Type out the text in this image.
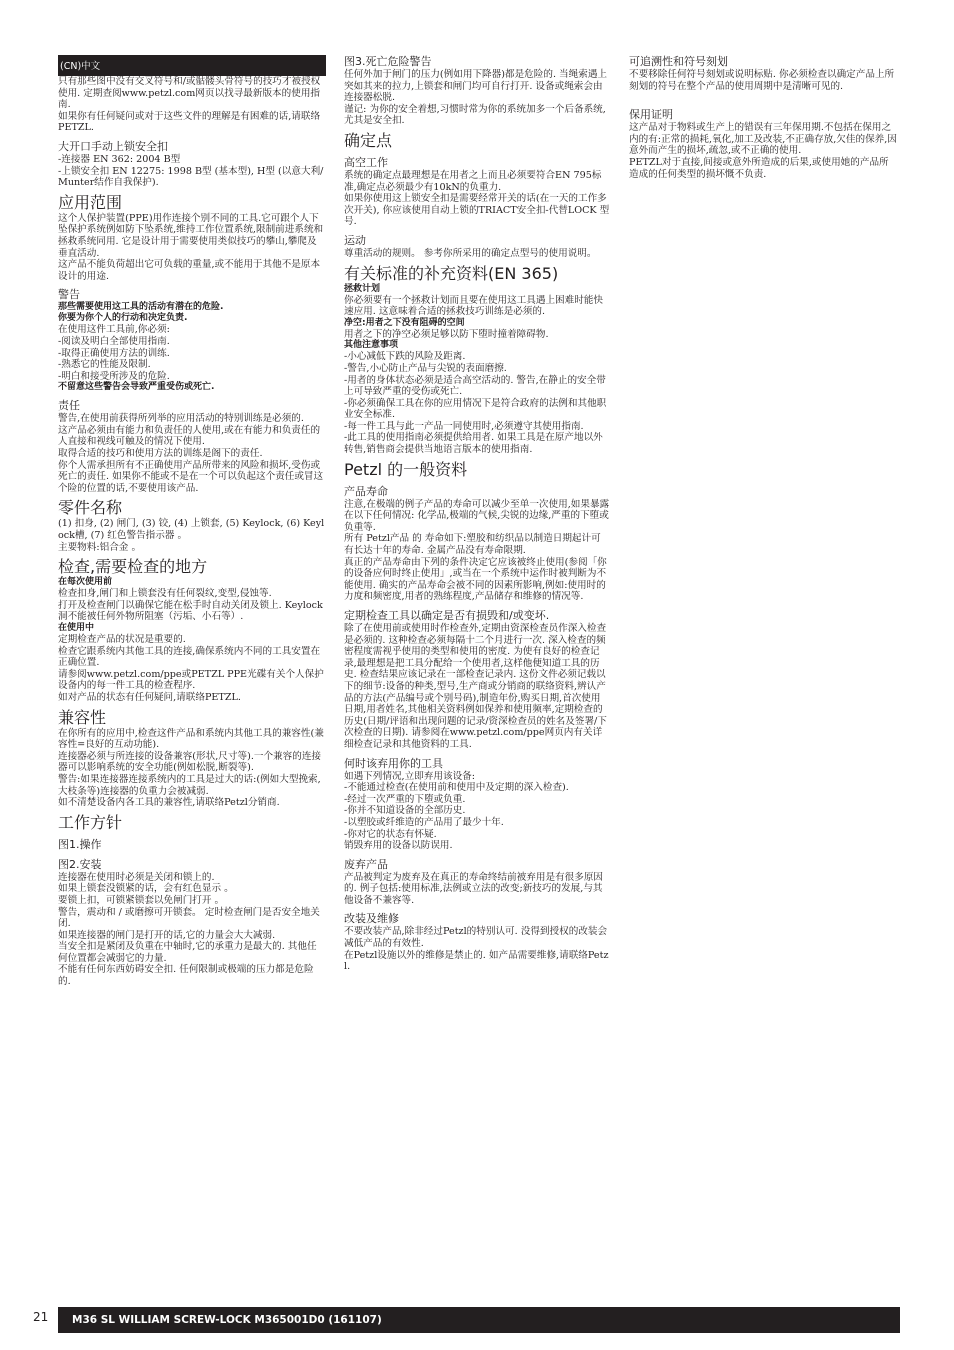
(CN)中文

只有那些图中没有交叉符号和/或骷髅头骨符号的技巧才被授权使用. 定期查阅www.petzl.com网页以找寻最新版本的使用指南.
如果你有任何疑问或对于这些文件的理解是有困难的话,请联络PETZL.

大开口手动上锁安全扣

-连接器 EN 362: 2004 B型
-上锁安全扣 EN 12275: 1998 B型 (基本型), H型 (以意大利/Munter结作自我保护).

应用范围

这个人保护装置(PPE)用作连接个别不同的工具.它可跟个人下坠保护系统例如防下坠系统,维持工作位置系统,限制前进系统和拯救系统同用. 它是设计用于需要使用类似技巧的攀山,攀爬及垂直活动.
这产品不能负荷超出它可负载的重量,或不能用于其他不是原本设计的用途.

警告

那些需要使用这工具的活动有潜在的危险.
你要为你个人的行动和决定负责.

在使用这件工具前,你必须:
-阅读及明白全部使用指南.
-取得正确使用方法的训练.
-熟悉它的性能及限制.
-明白和接受所涉及的危险.

不留意这些警告会导致严重受伤或死亡.

责任

警告,在使用前获得所列举的应用活动的特别训练是必须的.
这产品必须由有能力和负责任的人使用,或在有能力和负责任的人直接和视线可触及的情况下使用.
取得合适的技巧和使用方法的训练是阁下的责任.
你个人需承担所有不正确使用产品所带来的风险和损坏,受伤或死亡的责任. 如果你不能或不是在一个可以负起这个责任或冒这个险的位置的话,不要使用该产品.

零件名称

(1) 扣身, (2) 闸门, (3) 铰, (4) 上锁套, (5) Keylock, (6) Keylock槽, (7) 红色警告指示器 。
主要物料:铝合金 。

检查,需要检查的地方

在每次使用前

检查扣身,闸门和上锁套没有任何裂纹,变型,侵蚀等.
打开及检查闸门以确保它能在松手时自动关闭及锁上. Keylock洞不能被任何外物所阻塞（污垢、小石等）.

在使用中

定期检查产品的状况是重要的.
检查它跟系统内其他工具的连接,确保系统内不同的工具安置在正确位置.
请参阅www.petzl.com/ppe或PETZL PPE光碟有关个人保护设备内的每一件工具的检查程序.
如对产品的状态有任何疑问,请联络PETZL.

兼容性

在你所有的应用中,检查这件产品和系统内其他工具的兼容性(兼容性=良好的互动功能).
连接器必须与所连接的设备兼容(形状,尺寸等).一个兼容的连接器可以影响系统的安全功能(例如松脱,断裂等).
警告:如果连接器连接系统内的工具是过大的话:(例如大型挽索,大枝条等)连接器的负重力会被减弱.
如不清楚设备内各工具的兼容性,请联络Petzl分销商.

工作方针
图1.操作
图2.安装

连接器在使用时必须是关闭和锁上的.
如果上锁套没锁紧的话，会有红色显示 。
要锁上扣，可锁紧锁套以免闸门打开 。
警告，震动和 / 或磨擦可开锁套。 定时检查闸门是否安全地关闭.
如果连接器的闸门是打开的话,它的力量会大大减弱.
当安全扣是紧闭及负重在中轴时,它的承重力是最大的. 其他任何位置都会减弱它的力量.
不能有任何东西妨碍安全扣. 任何限制或极端的压力都是危险的.

图3.死亡危险警告

任何外加于闸门的压力(例如用下降器)都是危险的. 当绳索遇上突如其来的拉力,上锁套和闸门均可自行打开. 设备或绳索会由连接器松脱.
谨记: 为你的安全着想,习惯时常为你的系统加多一个后备系统,尤其是安全扣.

确定点
高空工作

系统的确定点最理想是在用者之上而且必须要符合EN 795标准,确定点必须最少有10kN的负重力.
如果你使用这上锁安全扣是需要经常开关的话(在一天的工作多次开关), 你应该使用自动上锁的TRIACT安全扣-代替LOCK 型号.

运动

尊重活动的规则。 参考你所采用的确定点型号的使用说明。

有关标准的补充资料(EN 365)

拯救计划

你必须要有一个拯救计划而且要在使用这工具遇上困难时能快速应用. 这意味着合适的拯救技巧训练是必须的.

净空:用者之下没有阻碍的空间

用者之下的净空必须足够以防下堕时撞着障碍物.

其他注意事项

-小心减低下跌的风险及距离.
-警告,小心防止产品与尖锐的表面磨擦.
-用者的身体状态必须是适合高空活动的. 警告,在静止的安全带上可导致严重的受伤或死亡.
-你必须确保工具在你的应用情况下是符合政府的法例和其他职业安全标准.
-每一件工具与此一产品一同使用时,必须遵守其使用指南.
-此工具的使用指南必须提供给用者. 如果工具是在原产地以外转售,销售商会提供当地语言版本的使用指南.

Petzl 的一般资料
产品寿命

注意,在极端的例子产品的寿命可以减少至单一次使用,如果暴露在以下任何情况: 化学品,极端的气候,尖锐的边缘,严重的下堕或负重等.
所有 Petzl产品 的 寿命如下:塑胶和纺织品以制造日期起计可有长达十年的寿命. 金属产品没有寿命限期.
真正的产品寿命由下列的条件决定它应该被终止使用(参阅「你的设备应何时终止使用」,或当在一个系统中运作时被判断为不能使用. 确实的产品寿命会被不同的因素所影响,例如:使用时的力度和频密度,用者的熟练程度,产品储存和维修的情况等.

定期检查工具以确定是否有损毁和/或变坏.

除了在使用前或使用时作检查外,定期由资深检查员作深入检查是必须的. 这种检查必须每隔十二个月进行一次. 深入检查的频密程度需视乎使用的类型和使用的密度. 为使有良好的检查记录,最理想是把工具分配给一个使用者,这样他便知道工具的历史. 检查结果应该记录在一部检查记录内. 这份文件必须记载以下的细节:设备的种类,型号,生产商或分销商的联络资料,辨认产品的方法(产品编号或个别号码),制造年份,购买日期,首次使用日期,用者姓名,其他相关资料例如保养和使用频率,定期检查的历史(日期/评语和出现问题的记录/资深检查员的姓名及签署/下次检查的日期). 请参阅在www.petzl.com/ppe网页内有关详细检查记录和其他资料的工具.

何时该弃用你的工具

如遇下列情况,立即弃用该设备:
-不能通过检查(在使用前和使用中及定期的深入检查).
-经过一次严重的下堕或负重.
-你并不知道设备的全部历史.
-以塑胶或纤维造的产品用了最少十年.
-你对它的状态有怀疑.
销毁弃用的设备以防误用.

废弃产品

产品被判定为废弃及在真正的寿命终结前被弃用是有很多原因的. 例子包括:使用标准,法例或立法的改变;新技巧的发展,与其他设备不兼容等.

改装及维修

不要改装产品,除非经过Petzl的特别认可. 没得到授权的改装会减低产品的有效性.
在Petzl设施以外的维修是禁止的. 如产品需要维修,请联络Petzl.

可追溯性和符号刻划

不要移除任何符号刻划或说明标贴. 你必须检查以确定产品上所刻划的符号在整个产品的使用周期中是清晰可见的.

保用证明

这产品对于物料或生产上的错误有三年保用期.不包括在保用之内的有:正常的损耗,氧化,加工及改装,不正确存放,欠佳的保养,因意外而产生的损坏,疏忽,或不正确的使用.
PETZL对于直接,间接或意外所造成的后果,或使用她的产品所造成的任何类型的损坏慨不负责.

21	M36 SL WILLIAM SCREW-LOCK M365001D0 (161107)
